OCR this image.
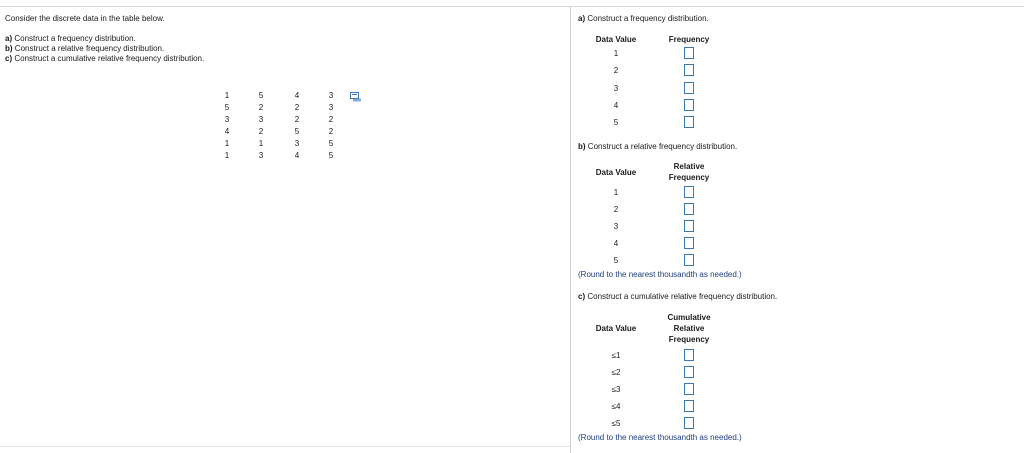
Consider the discrete data in the table below.
a) Construct a frequency distribution.
b) Construct a relative frequency distribution.
c) Construct a cumulative relative frequency distribution.
1
5
3
4
1
1
5
2
3
2
1
3
4
2
2
5
3
4
3
3
2
2
5
5
a) Construct a frequency distribution.
Data Value	Frequency
1
2
3
4
5
b) Construct a relative frequency distribution.
Data Value
Relative
Frequency
1
2
3
4
5
(Round to the nearest thousandth as needed.)
c) Construct a cumulative relative frequency distribution.
Data Value
Cumulative
Relative
Frequency
≤1
≤2
≤3
≤4
≤5
(Round to the nearest thousandth as needed.)
